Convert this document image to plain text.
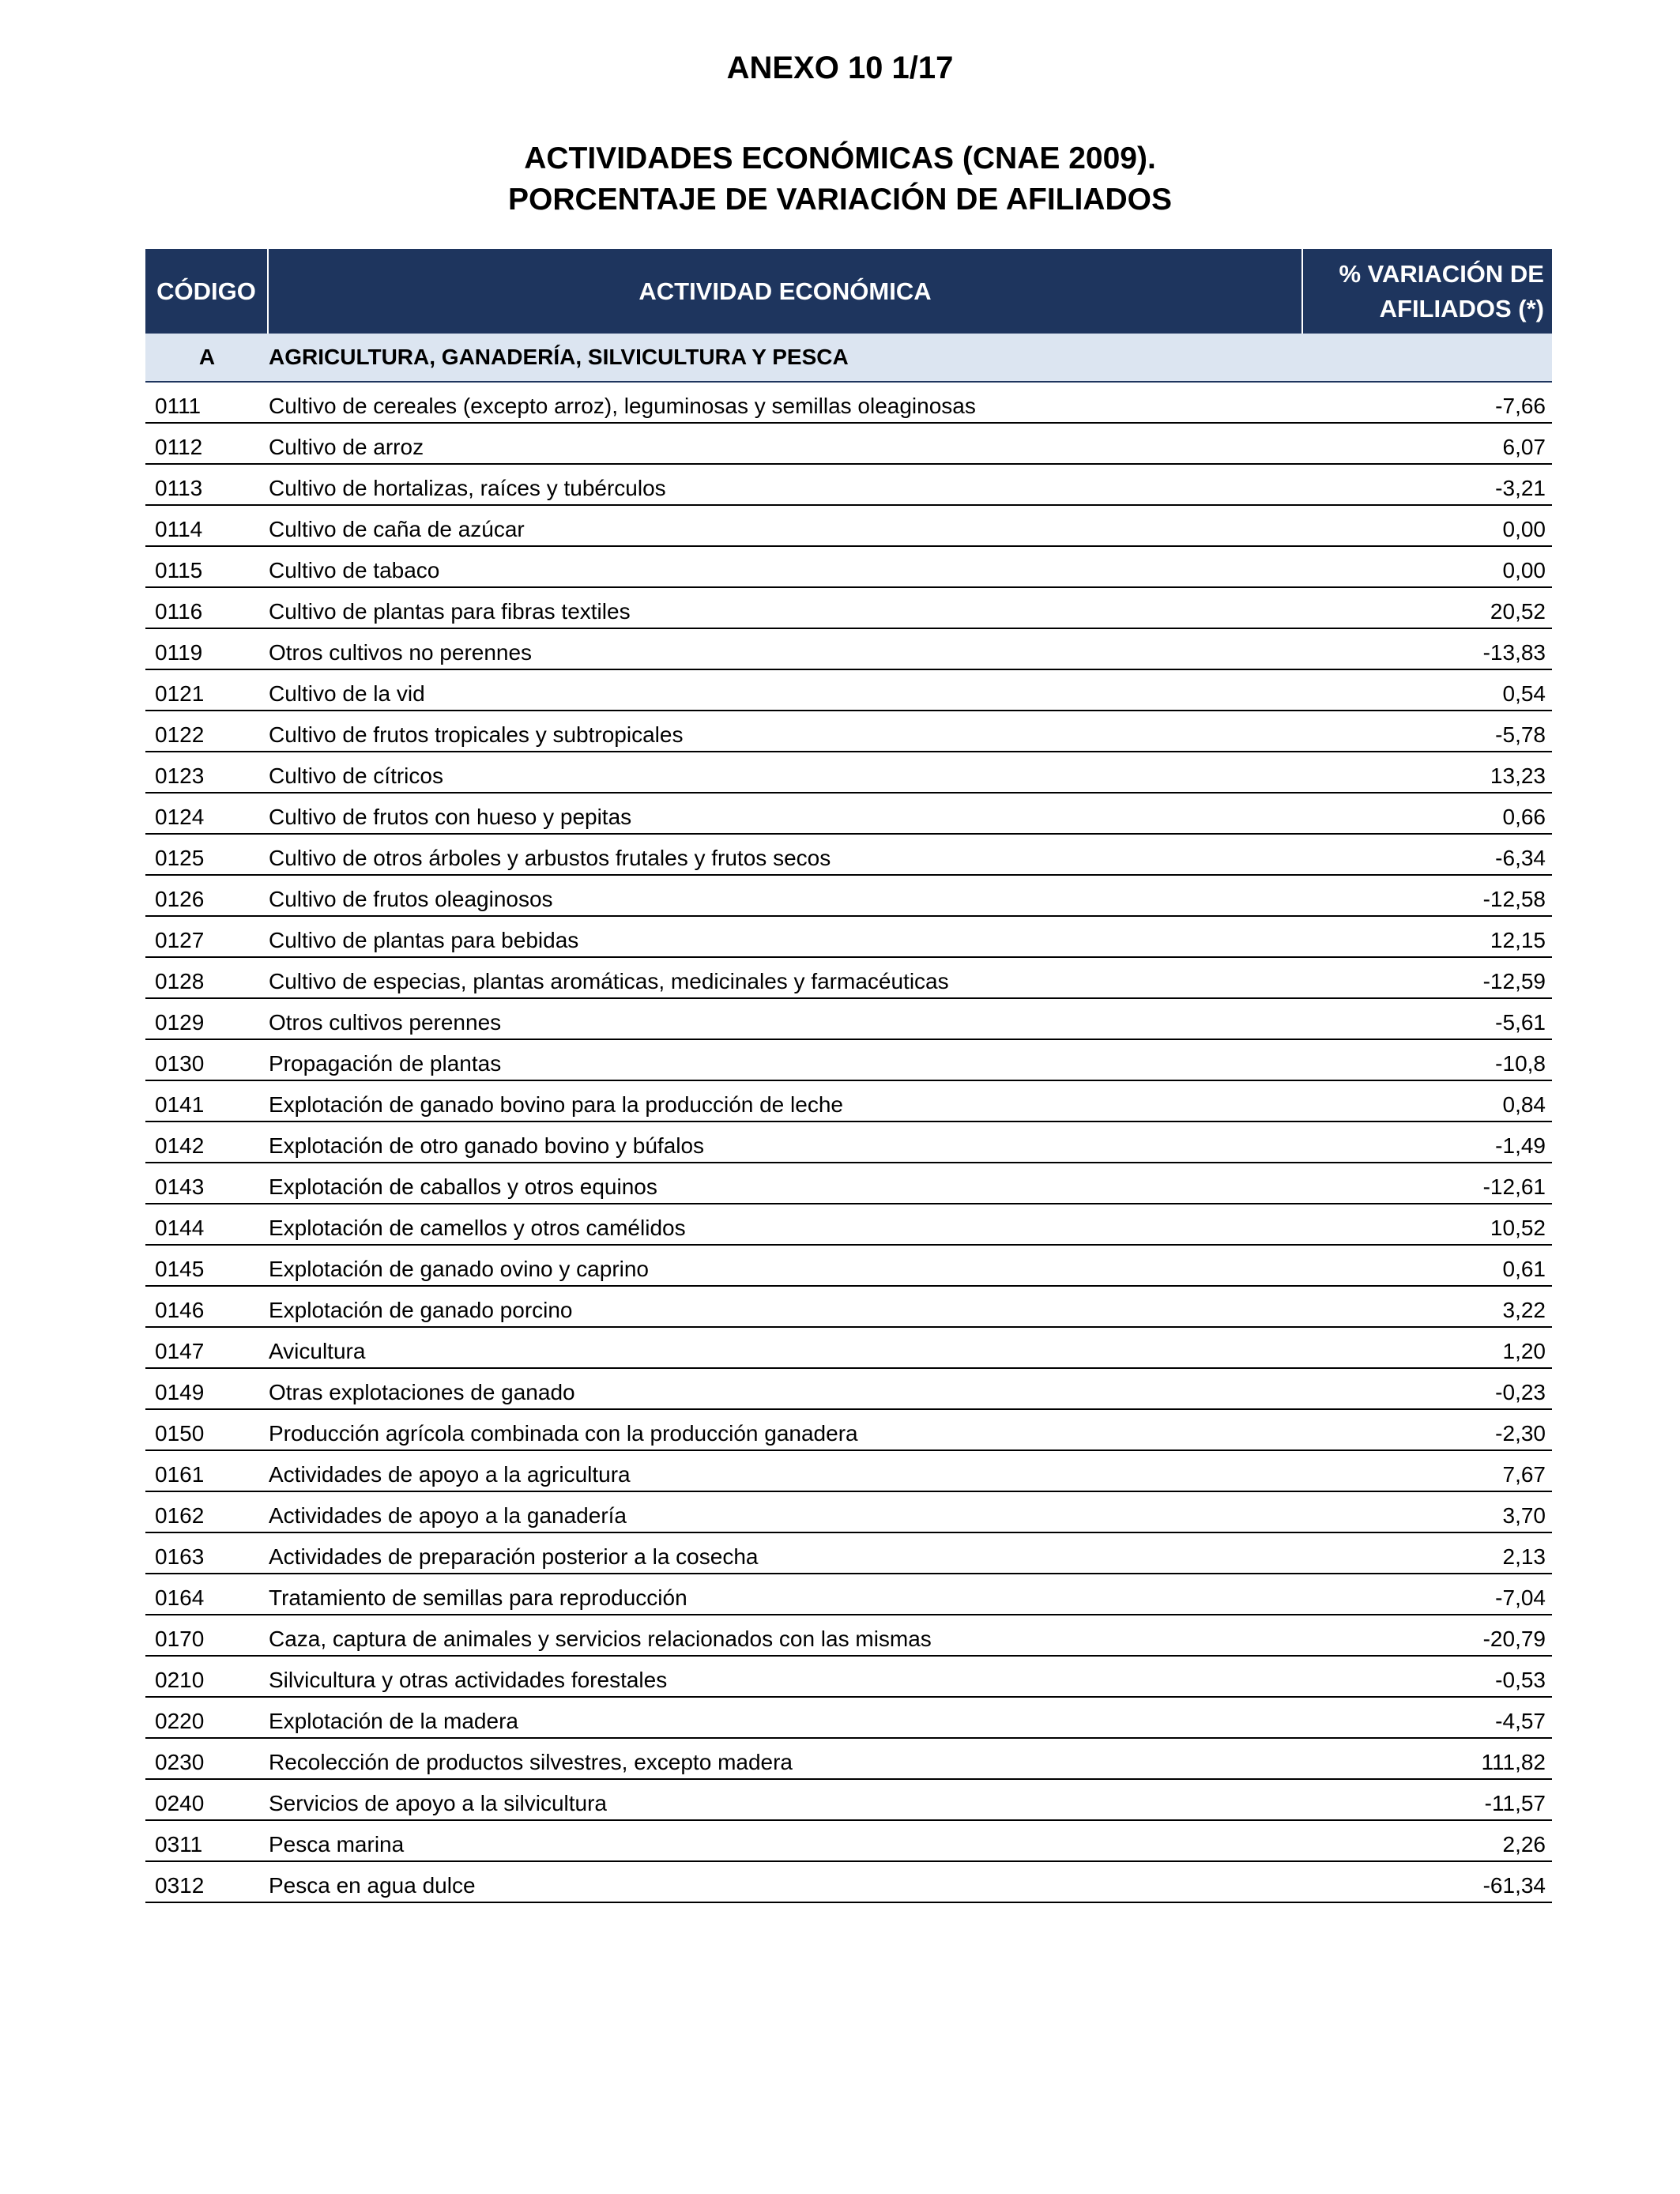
ANEXO 10 1/17
ACTIVIDADES ECONÓMICAS (CNAE 2009).
PORCENTAJE DE VARIACIÓN DE AFILIADOS
CÓDIGO	ACTIVIDAD ECONÓMICA
% VARIACIÓN DE
AFILIADOS (*)
A	AGRICULTURA, GANADERÍA, SILVICULTURA Y PESCA
0111	Cultivo de cereales (excepto arroz), leguminosas y semillas oleaginosas	-7,66
0112	Cultivo de arroz	6,07
0113	Cultivo de hortalizas, raíces y tubérculos	-3,21
0114	Cultivo de caña de azúcar	0,00
0115	Cultivo de tabaco	0,00
0116	Cultivo de plantas para fibras textiles	20,52
0119	Otros cultivos no perennes	-13,83
0121	Cultivo de la vid	0,54
0122	Cultivo de frutos tropicales y subtropicales	-5,78
0123	Cultivo de cítricos	13,23
0124	Cultivo de frutos con hueso y pepitas	0,66
0125	Cultivo de otros árboles y arbustos frutales y frutos secos	-6,34
0126	Cultivo de frutos oleaginosos	-12,58
0127	Cultivo de plantas para bebidas	12,15
0128	Cultivo de especias, plantas aromáticas, medicinales y farmacéuticas	-12,59
0129	Otros cultivos perennes	-5,61
0130	Propagación de plantas	-10,8
0141	Explotación de ganado bovino para la producción de leche	0,84
0142	Explotación de otro ganado bovino y búfalos	-1,49
0143	Explotación de caballos y otros equinos	-12,61
0144	Explotación de camellos y otros camélidos	10,52
0145	Explotación de ganado ovino y caprino	0,61
0146	Explotación de ganado porcino	3,22
0147	Avicultura	1,20
0149	Otras explotaciones de ganado	-0,23
0150	Producción agrícola combinada con la producción ganadera	-2,30
0161	Actividades de apoyo a la agricultura	7,67
0162	Actividades de apoyo a la ganadería	3,70
0163	Actividades de preparación posterior a la cosecha	2,13
0164	Tratamiento de semillas para reproducción	-7,04
0170	Caza, captura de animales y servicios relacionados con las mismas	-20,79
0210	Silvicultura y otras actividades forestales	-0,53
0220	Explotación de la madera	-4,57
0230	Recolección de productos silvestres, excepto madera	111,82
0240	Servicios de apoyo a la silvicultura	-11,57
0311	Pesca marina	2,26
0312	Pesca en agua dulce	-61,34
